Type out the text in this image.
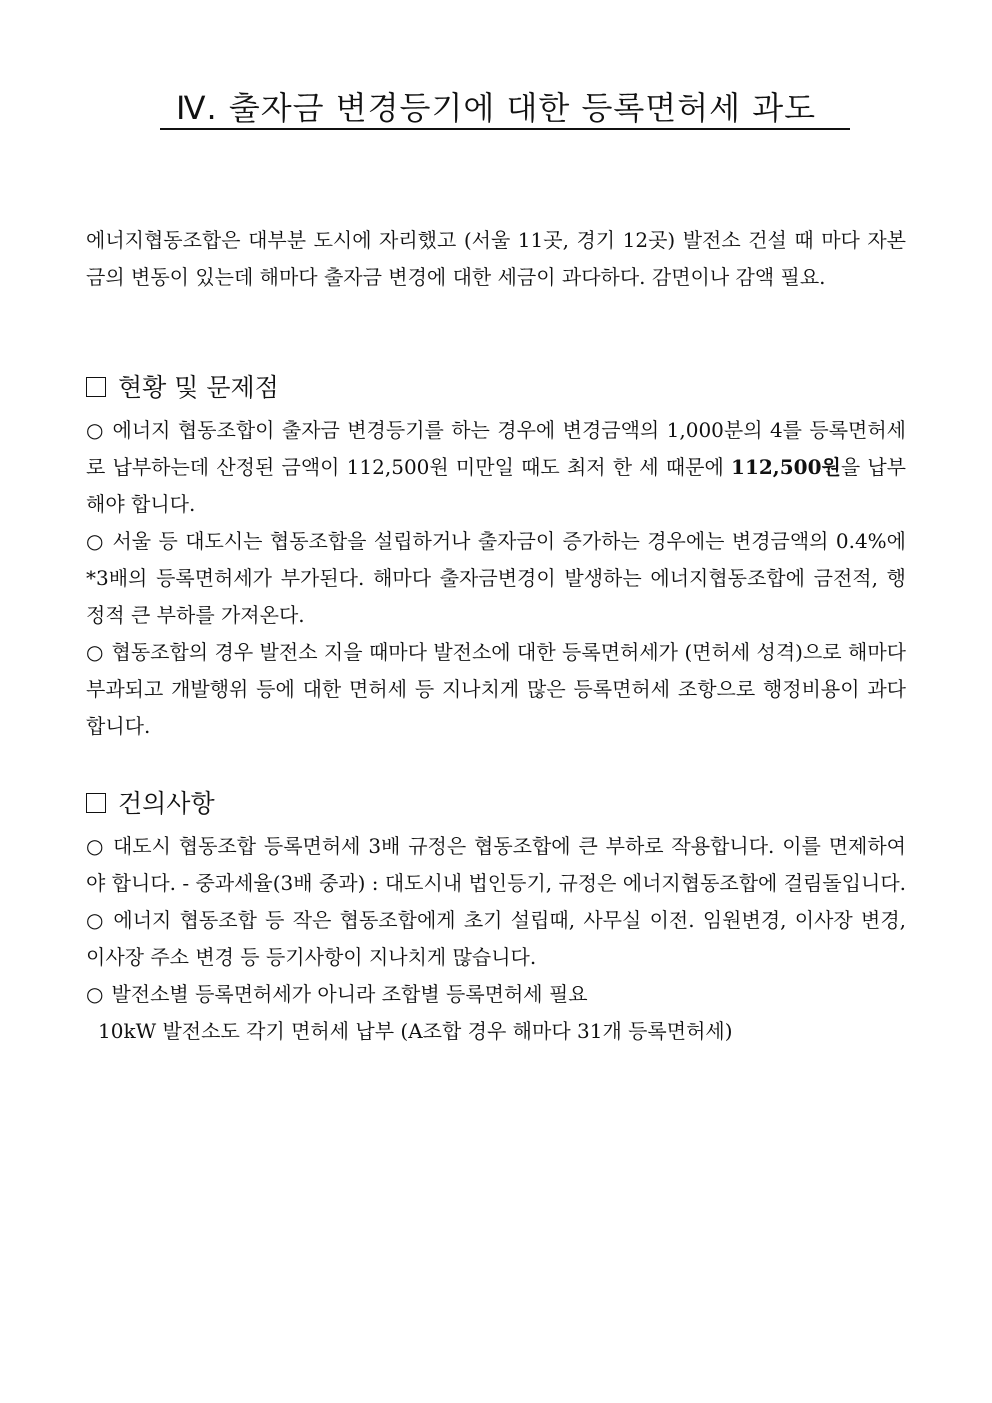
Ⅳ. 출자금 변경등기에 대한 등록면허세 과도

에너지협동조합은 대부분 도시에 자리했고 (서울 11곳, 경기 12곳) 발전소 건설 때 마다 자본금의 변동이 있는데 해마다 출자금 변경에 대한 세금이 과다하다. 감면이나 감액 필요.

현황 및 문제점
○ 에너지 협동조합이 출자금 변경등기를 하는 경우에 변경금액의 1,000분의 4를 등록면허세로 납부하는데 산정된 금액이 112,500원 미만일 때도 최저 한 세 때문에 112,500원을 납부해야 합니다.
○ 서울 등 대도시는 협동조합을 설립하거나 출자금이 증가하는 경우에는 변경금액의 0.4%에 *3배의 등록면허세가 부가된다. 해마다 출자금변경이 발생하는 에너지협동조합에 금전적, 행정적 큰 부하를 가져온다.
○ 협동조합의 경우 발전소 지을 때마다 발전소에 대한 등록면허세가 (면허세 성격)으로 해마다 부과되고 개발행위 등에 대한 면허세 등 지나치게 많은 등록면허세 조항으로 행정비용이 과다합니다.
건의사항
○ 대도시 협동조합 등록면허세 3배 규정은 협동조합에 큰 부하로 작용합니다. 이를 면제하여야 합니다. - 중과세율(3배 중과) : 대도시내 법인등기, 규정은 에너지협동조합에 걸림돌입니다.
○ 에너지 협동조합 등 작은 협동조합에게 초기 설립때, 사무실 이전. 임원변경, 이사장 변경, 이사장 주소 변경 등 등기사항이 지나치게 많습니다.
○ 발전소별 등록면허세가 아니라 조합별 등록면허세 필요
10kW 발전소도 각기 면허세 납부 (A조합 경우 해마다 31개 등록면허세)
